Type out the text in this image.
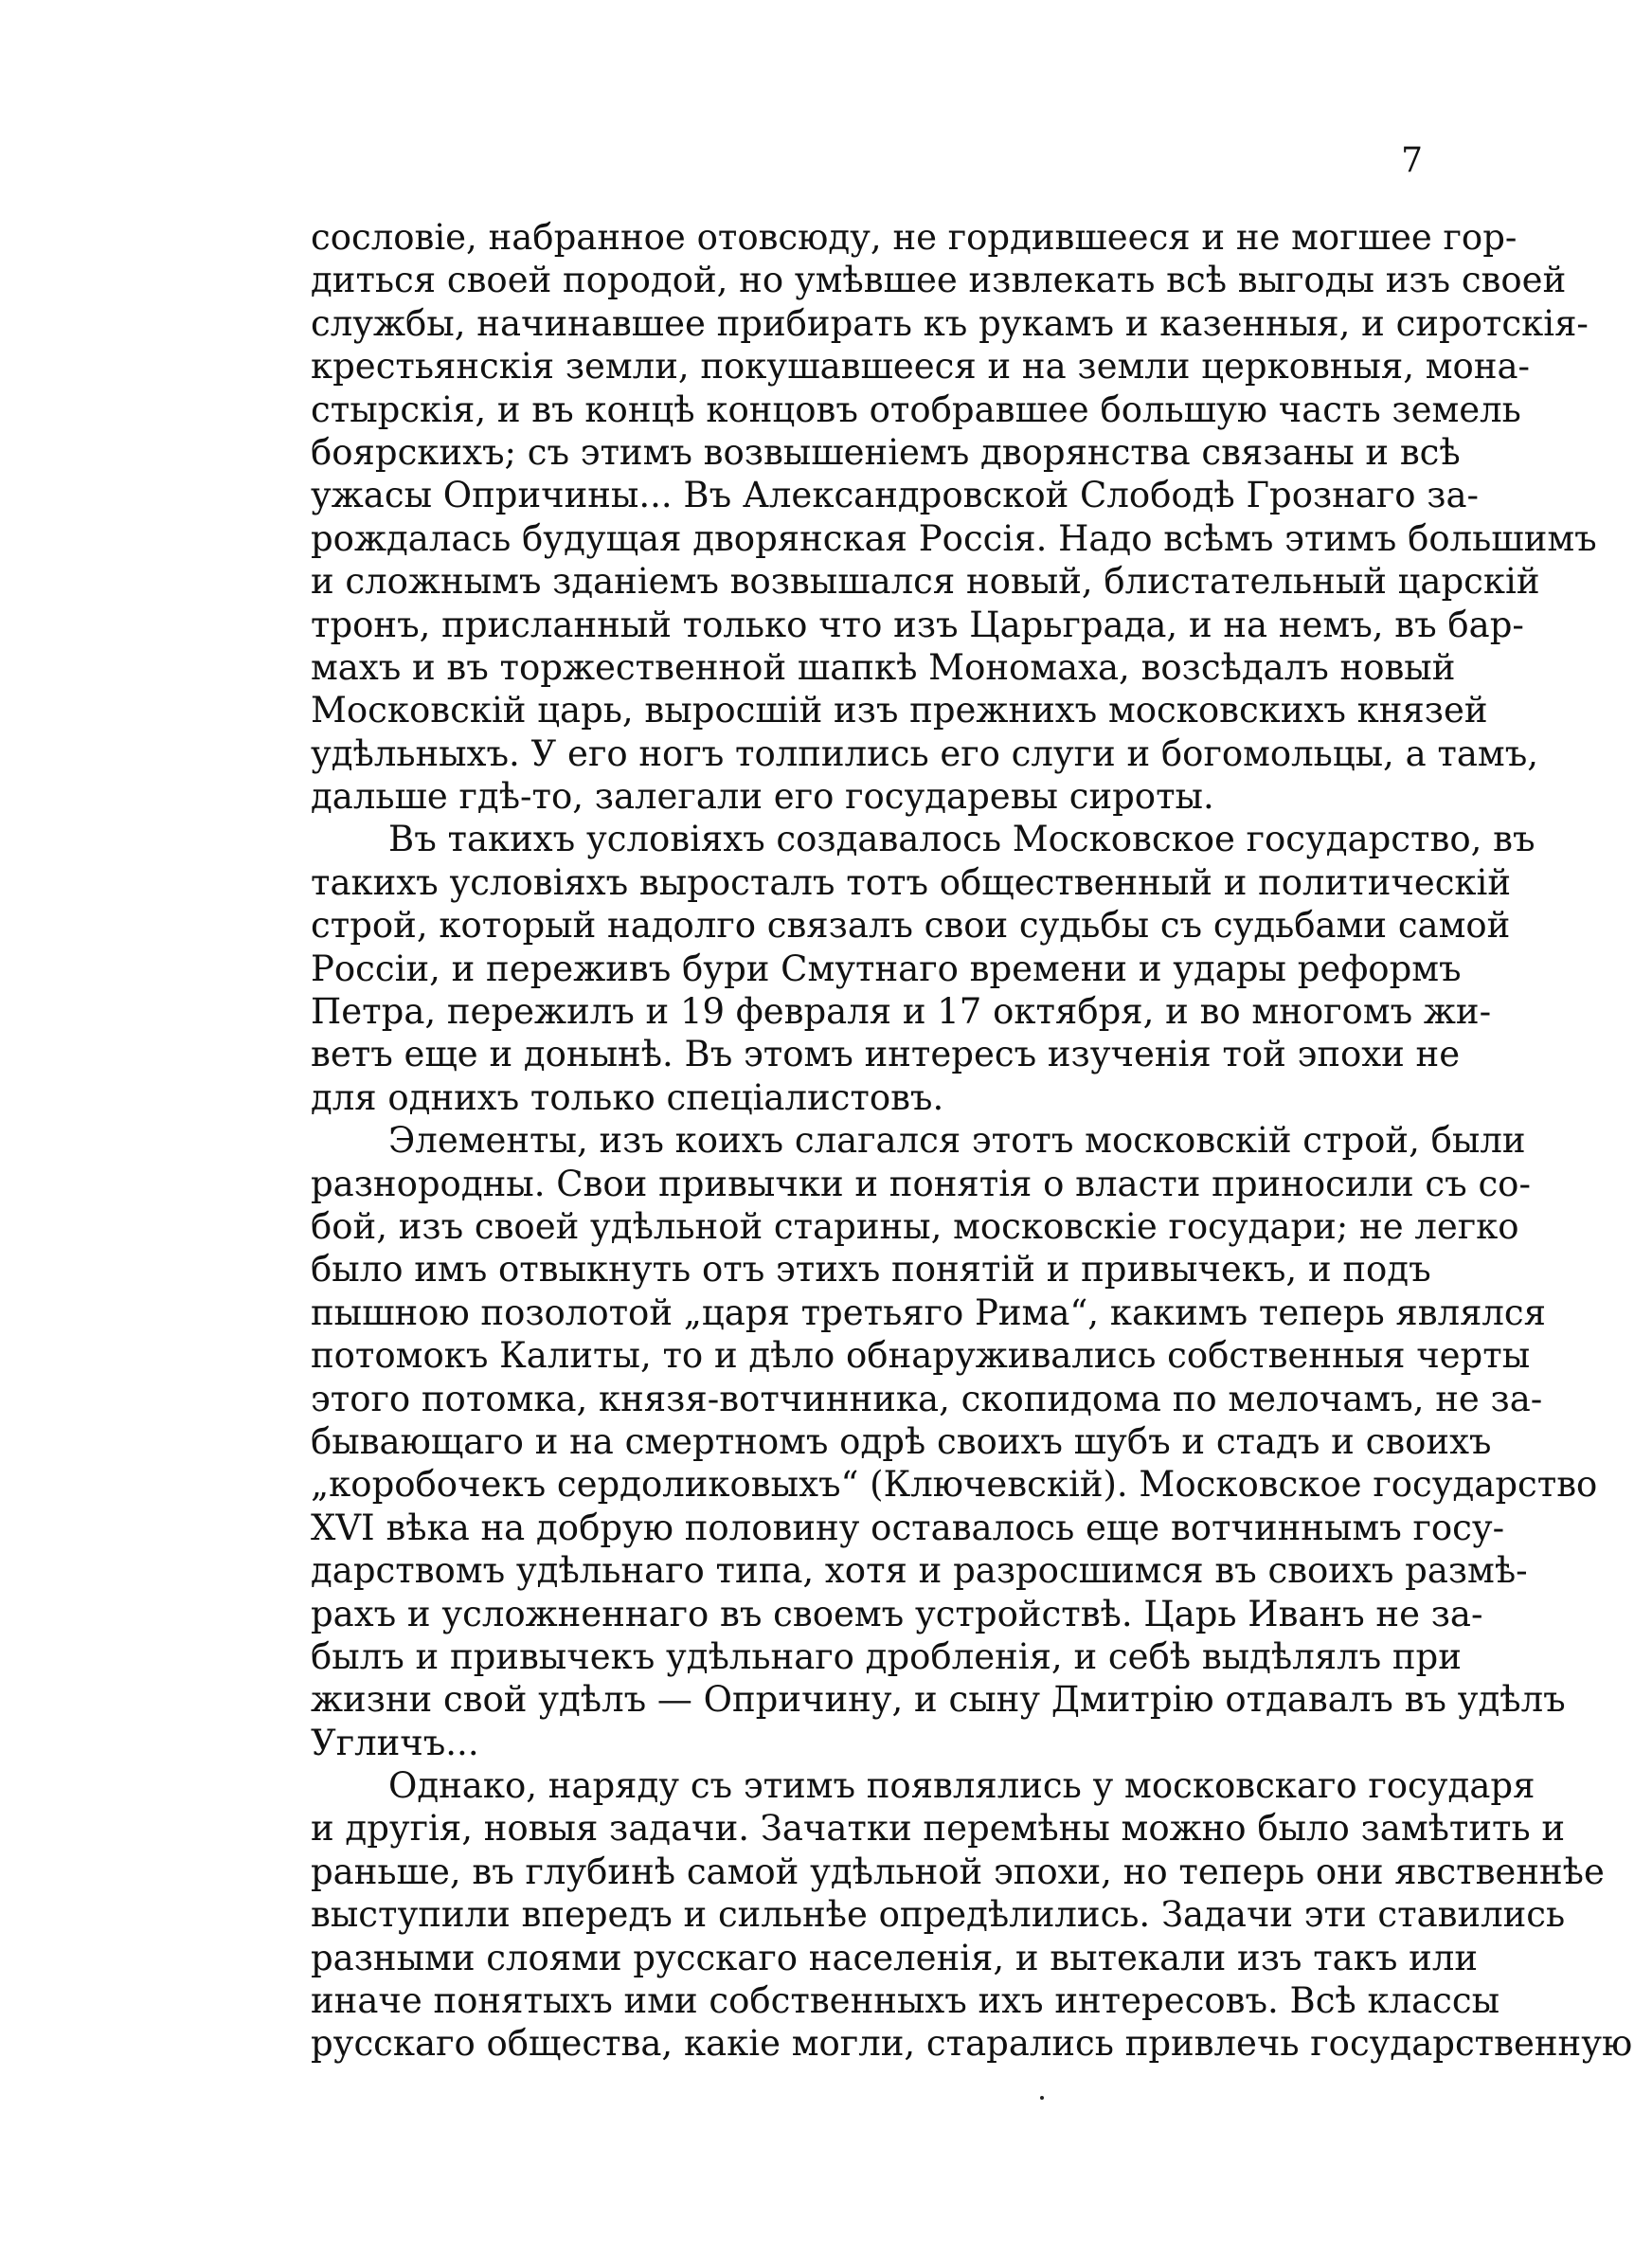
7
сословіе, набранное отовсюду, не гордившееся и не могшее гор-
диться своей породой, но умѣвшее извлекать всѣ выгоды изъ своей
службы, начинавшее прибирать къ рукамъ и казенныя, и сиротскія-
крестьянскія земли, покушавшееся и на земли церковныя, мона-
стырскія, и въ концѣ концовъ отобравшее большую часть земель
боярскихъ; съ этимъ возвышеніемъ дворянства связаны и всѣ
ужасы Опричины... Въ Александровской Слободѣ Грознаго за-
рождалась будущая дворянская Россія. Надо всѣмъ этимъ большимъ
и сложнымъ зданіемъ возвышался новый, блистательный царскій
тронъ, присланный только что изъ Царьграда, и на немъ, въ бар-
махъ и въ торжественной шапкѣ Мономаха, возсѣдалъ новый
Московскій царь, выросшій изъ прежнихъ московскихъ князей
удѣльныхъ. У его ногъ толпились его слуги и богомольцы, а тамъ,
дальше гдѣ-то, залегали его государевы сироты.
Въ такихъ условіяхъ создавалось Московское государство, въ
такихъ условіяхъ выросталъ тотъ общественный и политическій
строй, который надолго связалъ свои судьбы съ судьбами самой
Россіи, и переживъ бури Смутнаго времени и удары реформъ
Петра, пережилъ и 19 февраля и 17 октября, и во многомъ жи-
ветъ еще и донынѣ. Въ этомъ интересъ изученія той эпохи не
для однихъ только спеціалистовъ.
Элементы, изъ коихъ слагался этотъ московскій строй, были
разнородны. Свои привычки и понятія о власти приносили съ со-
бой, изъ своей удѣльной старины, московскіе государи; не легко
было имъ отвыкнуть отъ этихъ понятій и привычекъ, и подъ
пышною позолотой „царя третьяго Рима“, какимъ теперь являлся
потомокъ Калиты, то и дѣло обнаруживались собственныя черты
этого потомка, князя-вотчинника, скопидома по мелочамъ, не за-
бывающаго и на смертномъ одрѣ своихъ шубъ и стадъ и своихъ
„коробочекъ сердоликовыхъ“ (Ключевскій). Московское государство
XVI вѣка на добрую половину оставалось еще вотчиннымъ госу-
дарствомъ удѣльнаго типа, хотя и разросшимся въ своихъ размѣ-
рахъ и усложненнаго въ своемъ устройствѣ. Царь Иванъ не за-
былъ и привычекъ удѣльнаго дробленія, и себѣ выдѣлялъ при
жизни свой удѣлъ — Опричину, и сыну Дмитрію отдавалъ въ удѣлъ
Угличъ...
Однако, наряду съ этимъ появлялись у московскаго государя
и другія, новыя задачи. Зачатки перемѣны можно было замѣтить и
раньше, въ глубинѣ самой удѣльной эпохи, но теперь они явственнѣе
выступили впередъ и сильнѣе опредѣлились. Задачи эти ставились
разными слоями русскаго населенія, и вытекали изъ такъ или
иначе понятыхъ ими собственныхъ ихъ интересовъ. Всѣ классы
русскаго общества, какіе могли, старались привлечь государственную
